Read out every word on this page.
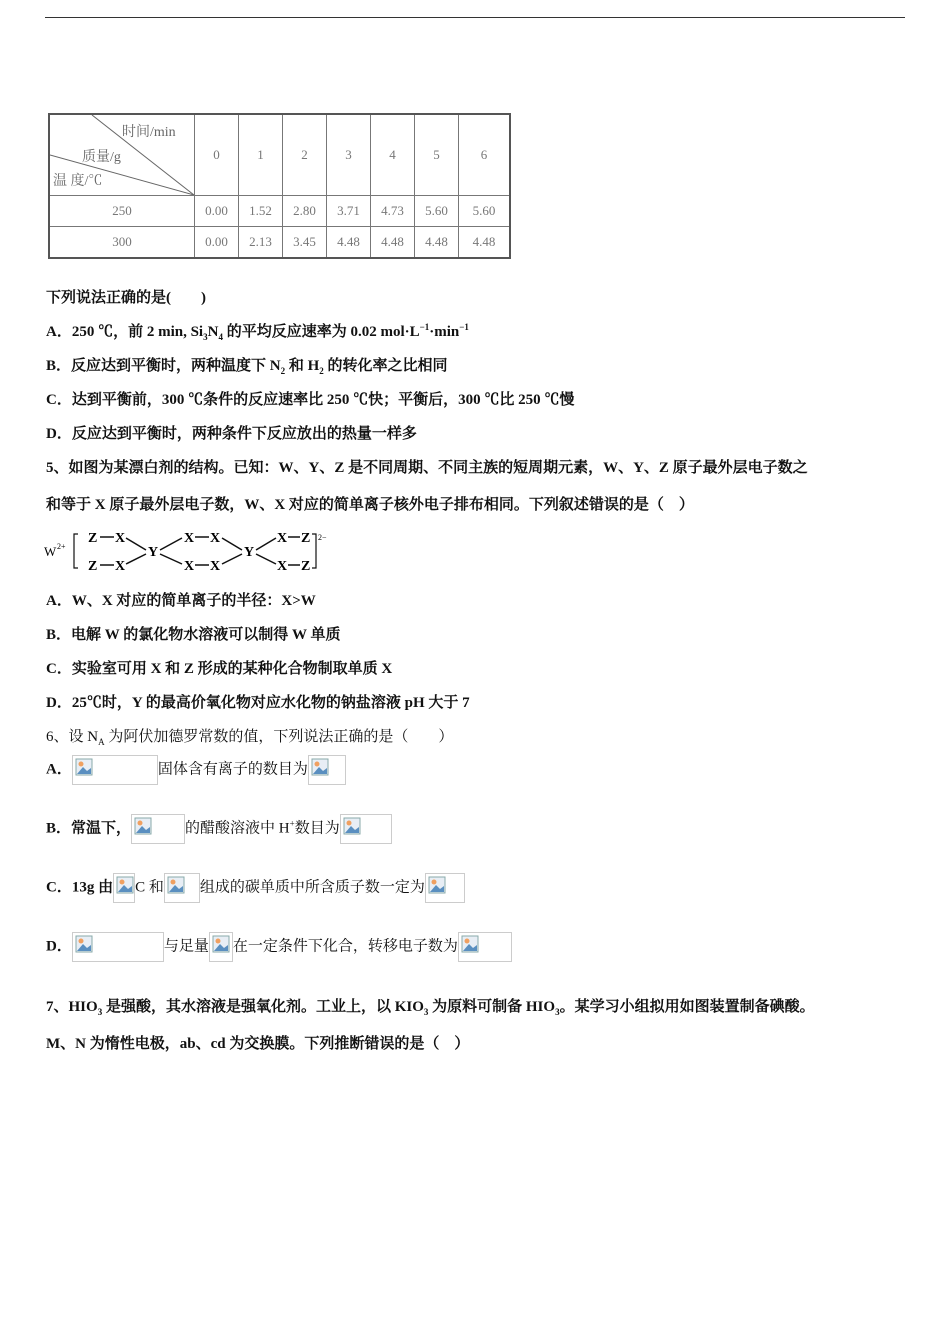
时间/min
质量/g
温 度/℃	0	1	2	3	4	5	6
250	0.00	1.52	2.80	3.71	4.73	5.60	5.60
300	0.00	2.13	3.45	4.48	4.48	4.48	4.48
下列说法正确的是(　　)
A．250 ℃，前 2 min, $Si_3N_4$ 的平均反应速率为 0.02 $mol\cdot L^{-1}\cdot\min^{-1}$
B．反应达到平衡时，两种温度下 $N_2$ 和 $H_2$ 的转化率之比相同
C．达到平衡前，300 ℃条件的反应速率比 250 ℃快；平衡后，300 ℃比 250 ℃慢
D．反应达到平衡时，两种条件下反应放出的热量一样多
5、如图为某漂白剂的结构。已知：W、Y、Z 是不同周期、不同主族的短周期元素，W、Y、Z 原子最外层电子数之
和等于 X 原子最外层电子数，W、X 对应的简单离子核外电子排布相同。下列叙述错误的是（　）
W 2+
Z X
Z X
Y
X X
X X
Y
X Z
X Z
2−
A．W、X 对应的简单离子的半径：X>W
B．电解 W 的氯化物水溶液可以制得 W 单质
C．实验室可用 X 和 Z 形成的某种化合物制取单质 X
D．25℃时，Y 的最高价氧化物对应水化物的钠盐溶液 pH 大于 7
6、设 $N_A$ 为阿伏加德罗常数的值，下列说法正确的是（　　）
A．	固体含有离子的数目为
B．常温下，	的醋酸溶液中 H+数目为
C．13g 由 C 和 组成的碳单质中所含质子数一定为
D．	与足量 在一定条件下化合，转移电子数为
7、$HIO_3$ 是强酸，其水溶液是强氧化剂。工业上，以 $KIO_3$ 为原料可制备 $HIO_3$。某学习小组拟用如图装置制备碘酸。
M、N 为惰性电极，ab、cd 为交换膜。下列推断错误的是（　）
